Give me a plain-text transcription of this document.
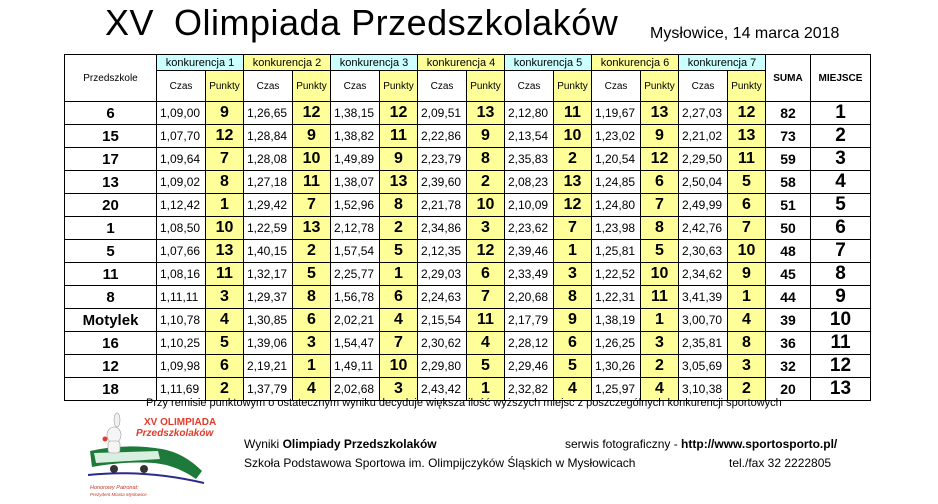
XV Olimpiada Przedszkolaków Mysłowice, 14 marca 2018
Przedszkole	konkurencja 1		konkurencja 2		konkurencja 3		konkurencja 4		konkurencja 5		konkurencja 6		konkurencja 7		SUMA	MIEJSCE
	Czas	Punkty	Czas	Punkty	Czas	Punkty	Czas	Punkty	Czas	Punkty	Czas	Punkty	Czas	Punkty		
6	1,09,00	9	1,26,65	12	1,38,15	12	2,09,51	13	2,12,80	11	1,19,67	13	2,27,03	12	82	1
15	1,07,70	12	1,28,84	9	1,38,82	11	2,22,86	9	2,13,54	10	1,23,02	9	2,21,02	13	73	2
17	1,09,64	7	1,28,08	10	1,49,89	9	2,23,79	8	2,35,83	2	1,20,54	12	2,29,50	11	59	3
13	1,09,02	8	1,27,18	11	1,38,07	13	2,39,60	2	2,08,23	13	1,24,85	6	2,50,04	5	58	4
20	1,12,42	1	1,29,42	7	1,52,96	8	2,21,78	10	2,10,09	12	1,24,80	7	2,49,99	6	51	5
1	1,08,50	10	1,22,59	13	2,12,78	2	2,34,86	3	2,23,62	7	1,23,98	8	2,42,76	7	50	6
5	1,07,66	13	1,40,15	2	1,57,54	5	2,12,35	12	2,39,46	1	1,25,81	5	2,30,63	10	48	7
11	1,08,16	11	1,32,17	5	2,25,77	1	2,29,03	6	2,33,49	3	1,22,52	10	2,34,62	9	45	8
8	1,11,11	3	1,29,37	8	1,56,78	6	2,24,63	7	2,20,68	8	1,22,31	11	3,41,39	1	44	9
Motylek	1,10,78	4	1,30,85	6	2,02,21	4	2,15,54	11	2,17,79	9	1,38,19	1	3,00,70	4	39	10
16	1,10,25	5	1,39,06	3	1,54,47	7	2,30,62	4	2,28,12	6	1,26,25	3	2,35,81	8	36	11
12	1,09,98	6	2,19,21	1	1,49,11	10	2,29,80	5	2,29,46	5	1,30,26	2	3,05,69	3	32	12
18	1,11,69	2	1,37,79	4	2,02,68	3	2,43,42	1	2,32,82	4	1,25,97	4	3,10,38	2	20	13
Przy remisie punktowym o ostatecznym wyniku decyduje większa ilość wyższych miejsc z poszczególnych konkurencji sportowych
XV OLIMPIADA
Przedszkolaków
Honorowy Patronat:
Prezydent Miasta Mysłowice
Wyniki Olimpiady Przedszkolaków	serwis fotograficzny - http://www.sportosporto.pl/
Szkoła Podstawowa Sportowa im. Olimpijczyków Śląskich w Mysłowicach	tel./fax 32 2222805
